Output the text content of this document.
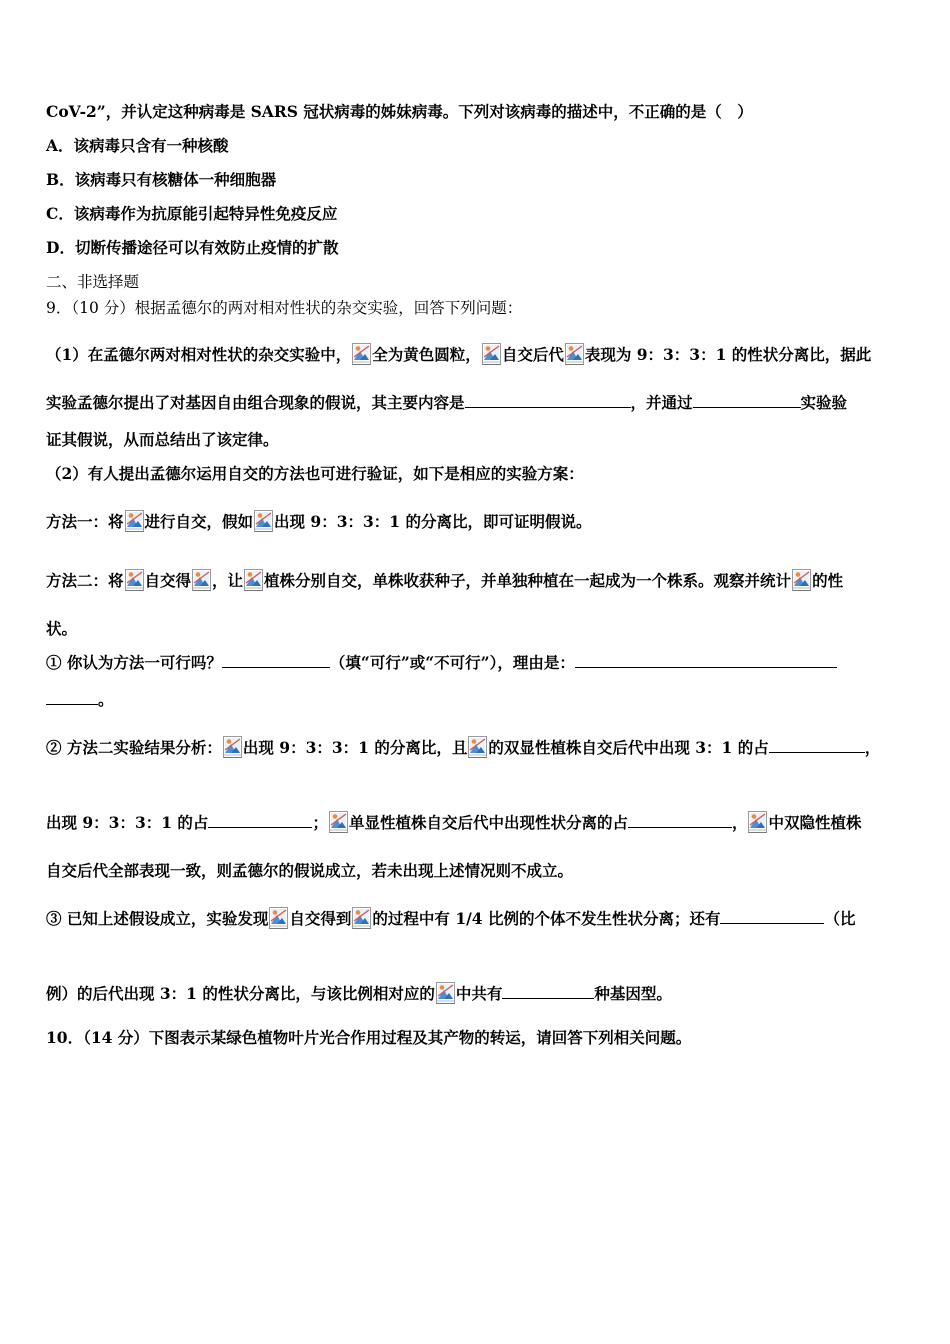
CoV-2”，并认定这种病毒是 SARS 冠状病毒的姊妹病毒。下列对该病毒的描述中，不正确的是（　）
A．该病毒只含有一种核酸
B．该病毒只有核糖体一种细胞器
C．该病毒作为抗原能引起特异性免疫反应
D．切断传播途径可以有效防止疫情的扩散
二、非选择题
9．（10 分）根据孟德尔的两对相对性状的杂交实验，回答下列问题：
（1）在孟德尔两对相对性状的杂交实验中， 全为黄色圆粒， 自交后代 表现为 9：3：3：1 的性状分离比，据此
实验孟德尔提出了对基因自由组合现象的假说，其主要内容是	，并通过	实验验
证其假说，从而总结出了该定律。
（2）有人提出孟德尔运用自交的方法也可进行验证，如下是相应的实验方案：
方法一：将 进行自交，假如 出现 9：3：3：1 的分离比，即可证明假说。
方法二：将 自交得 ，让 植株分别自交，单株收获种子，并单独种植在一起成为一个株系。观察并统计 的性
状。
① 你认为方法一可行吗？	（填“可行”或“不可行”），理由是：
。
② 方法二实验结果分析： 出现 9：3：3：1 的分离比，且 的双显性植株自交后代中出现 3：1 的占	，
出现 9：3：3：1 的占	； 单显性植株自交后代中出现性状分离的占	， 中双隐性植株
自交后代全部表现一致，则孟德尔的假说成立，若未出现上述情况则不成立。
③ 已知上述假设成立，实验发现 自交得到 的过程中有 1/4 比例的个体不发生性状分离；还有	（比
例）的后代出现 3：1 的性状分离比，与该比例相对应的 中共有	种基因型。
10．（14 分）下图表示某绿色植物叶片光合作用过程及其产物的转运，请回答下列相关问题。
